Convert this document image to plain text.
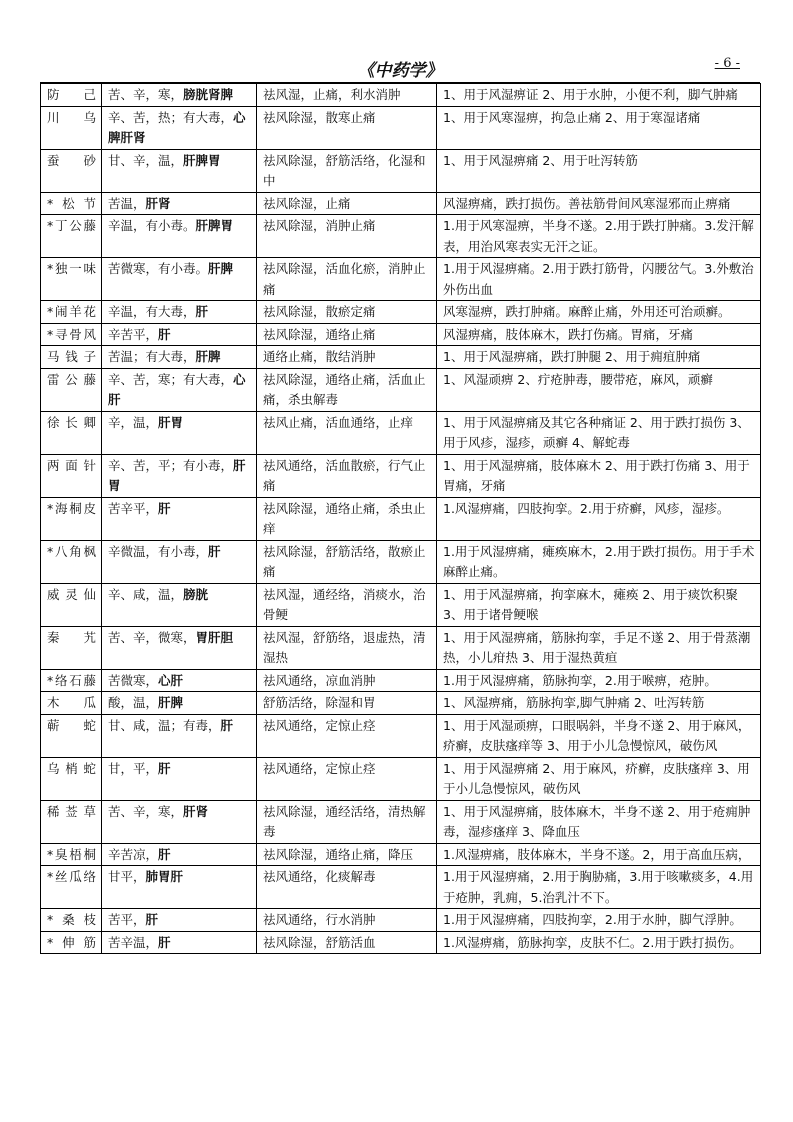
《中药学》	- 6 -
防己	苦、辛，寒，膀胱肾脾	祛风湿，止痛，利水消肿	1、用于风湿痹证 2、用于水肿，小便不利，脚气肿痛
川乌	辛、苦，热；有大毒，心脾肝肾	祛风除湿，散寒止痛	1、用于风寒湿痹，拘急止痛 2、用于寒湿诸痛
蚕砂	甘、辛，温，肝脾胃	祛风除湿，舒筋活络，化湿和中	1、用于风湿痹痛 2、用于吐泻转筋
*松节	苦温，肝肾	祛风除湿，止痛	风湿痹痛，跌打损伤。善祛筋骨间风寒湿邪而止痹痛
*丁公藤	辛温，有小毒。肝脾胃	祛风除湿，消肿止痛	1.用于风寒湿痹，半身不遂。2.用于跌打肿痛。3.发汗解表，用治风寒表实无汗之证。
*独一味	苦微寒，有小毒。肝脾	祛风除湿，活血化瘀，消肿止痛	1.用于风湿痹痛。2.用于跌打筋骨，闪腰岔气。3.外敷治外伤出血
*闹羊花	辛温，有大毒，肝	祛风除湿，散瘀定痛	风寒湿痹，跌打肿痛。麻醉止痛，外用还可治顽癣。
*寻骨风	辛苦平，肝	祛风除湿，通络止痛	风湿痹痛，肢体麻木，跌打伤痛。胃痛，牙痛
马钱子	苦温；有大毒，肝脾	通络止痛，散结消肿	1、用于风湿痹痛，跌打肿腿 2、用于痈疽肿痛
雷公藤	辛、苦，寒；有大毒，心肝	祛风除湿，通络止痛，活血止痛，杀虫解毒	1、风湿顽痹 2、疔疮肿毒，腰带疮，麻风，顽癣
徐长卿	辛，温，肝胃	祛风止痛，活血通络，止痒	1、用于风湿痹痛及其它各种痛证 2、用于跌打损伤 3、用于风疹，湿疹，顽癣 4、解蛇毒
两面针	辛、苦，平；有小毒，肝胃	祛风通络，活血散瘀，行气止痛	1、用于风湿痹痛，肢体麻木 2、用于跌打伤痛 3、用于胃痛，牙痛
*海桐皮	苦辛平，肝	祛风除湿，通络止痛，杀虫止痒	1.风湿痹痛，四肢拘挛。2.用于疥癣，风疹，湿疹。
*八角枫	辛微温，有小毒，肝	祛风除湿，舒筋活络，散瘀止痛	1.用于风湿痹痛，瘫痪麻木，2.用于跌打损伤。用于手术麻醉止痛。
威灵仙	辛、咸，温，膀胱	祛风湿，通经络，消痰水，治骨鲠	1、用于风湿痹痛，拘挛麻木，瘫痪 2、用于痰饮积聚 3、用于诸骨鲠喉
秦艽	苦、辛，微寒，胃肝胆	祛风湿，舒筋络，退虚热，清湿热	1、用于风湿痹痛，筋脉拘挛，手足不遂 2、用于骨蒸潮热，小儿疳热 3、用于湿热黄疸
*络石藤	苦微寒，心肝	祛风通络，凉血消肿	1.用于风湿痹痛，筋脉拘挛，2.用于喉痹，疮肿。
木瓜	酸，温，肝脾	舒筋活络，除湿和胃	1、风湿痹痛，筋脉拘挛,脚气肿痛 2、吐泻转筋
蕲蛇	甘、咸，温；有毒，肝	祛风通络，定惊止痉	1、用于风湿顽痹，口眼㖞斜，半身不遂 2、用于麻风，疥癣，皮肤瘙痒等 3、用于小儿急慢惊风，破伤风
乌梢蛇	甘，平，肝	祛风通络，定惊止痉	1、用于风湿痹痛 2、用于麻风，疥癣，皮肤瘙痒 3、用于小儿急慢惊风，破伤风
稀莶草	苦、辛，寒，肝肾	祛风除湿，通经活络，清热解毒	1、用于风湿痹痛，肢体麻木，半身不遂 2、用于疮痈肿毒，湿疹瘙痒 3、降血压
*臭梧桐	辛苦凉，肝	祛风除湿，通络止痛，降压	1.风湿痹痛，肢体麻木，半身不遂。2，用于高血压病，
*丝瓜络	甘平，肺胃肝	祛风通络，化痰解毒	1.用于风湿痹痛，2.用于胸胁痛，3.用于咳嗽痰多，4.用于疮肿，乳痈，5.治乳汁不下。
*桑枝	苦平，肝	祛风通络，行水消肿	1.用于风湿痹痛，四肢拘挛，2.用于水肿，脚气浮肿。
*伸筋	苦辛温，肝	祛风除湿，舒筋活血	1.风湿痹痛，筋脉拘挛，皮肤不仁。2.用于跌打损伤。
